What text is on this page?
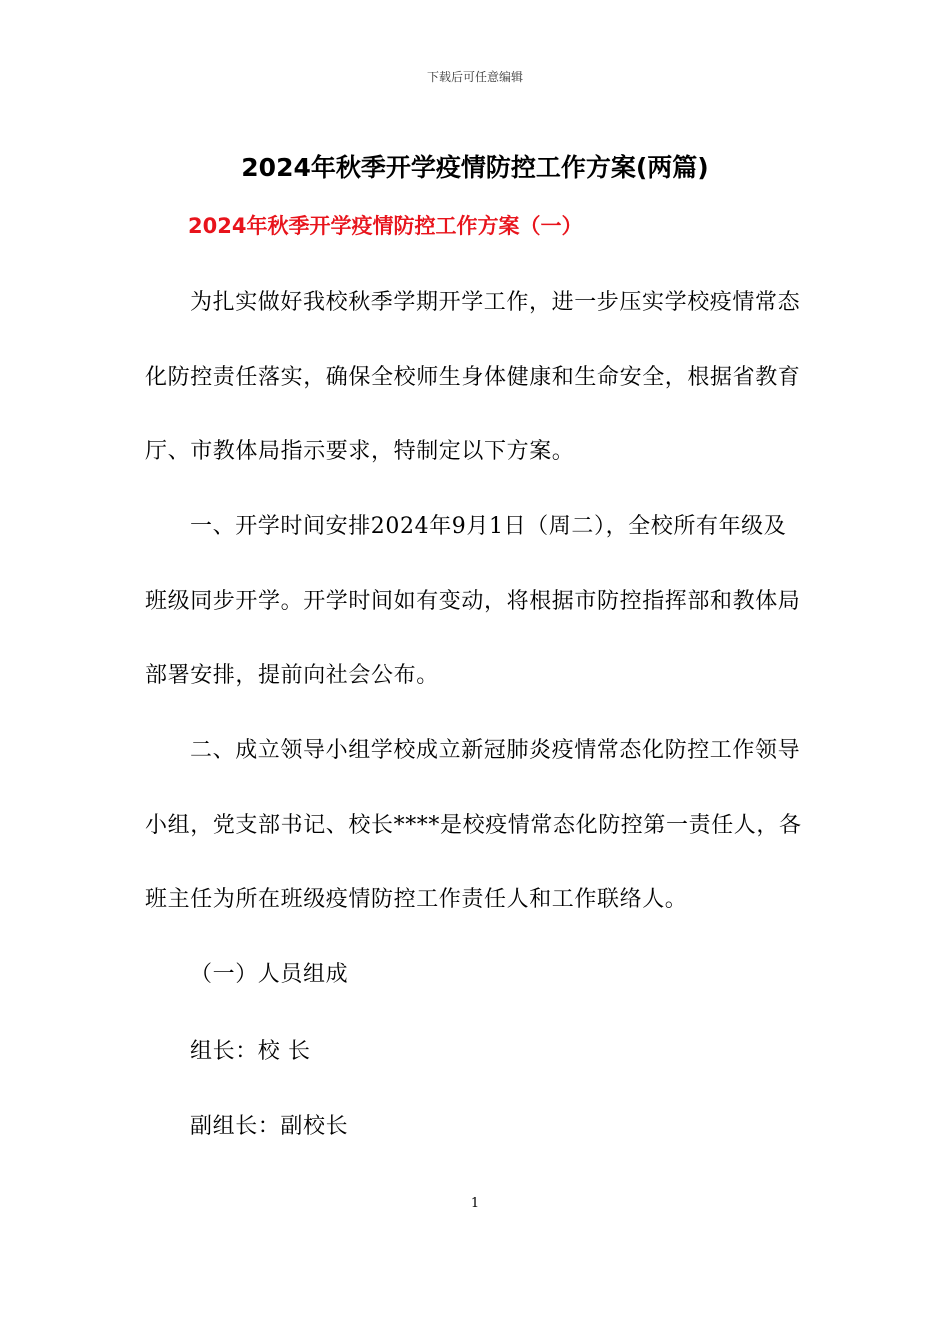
下载后可任意编辑
2024年秋季开学疫情防控工作方案(两篇)
2024年秋季开学疫情防控工作方案（一）
为扎实做好我校秋季学期开学工作，进一步压实学校疫情常态
化防控责任落实，确保全校师生身体健康和生命安全，根据省教育
厅、市教体局指示要求，特制定以下方案。
一、开学时间安排2024年9月1日（周二），全校所有年级及
班级同步开学。开学时间如有变动，将根据市防控指挥部和教体局
部署安排，提前向社会公布。
二、成立领导小组学校成立新冠肺炎疫情常态化防控工作领导
小组，党支部书记、校长****是校疫情常态化防控第一责任人，各
班主任为所在班级疫情防控工作责任人和工作联络人。
（一）人员组成
组长：校 长
副组长：副校长
1
